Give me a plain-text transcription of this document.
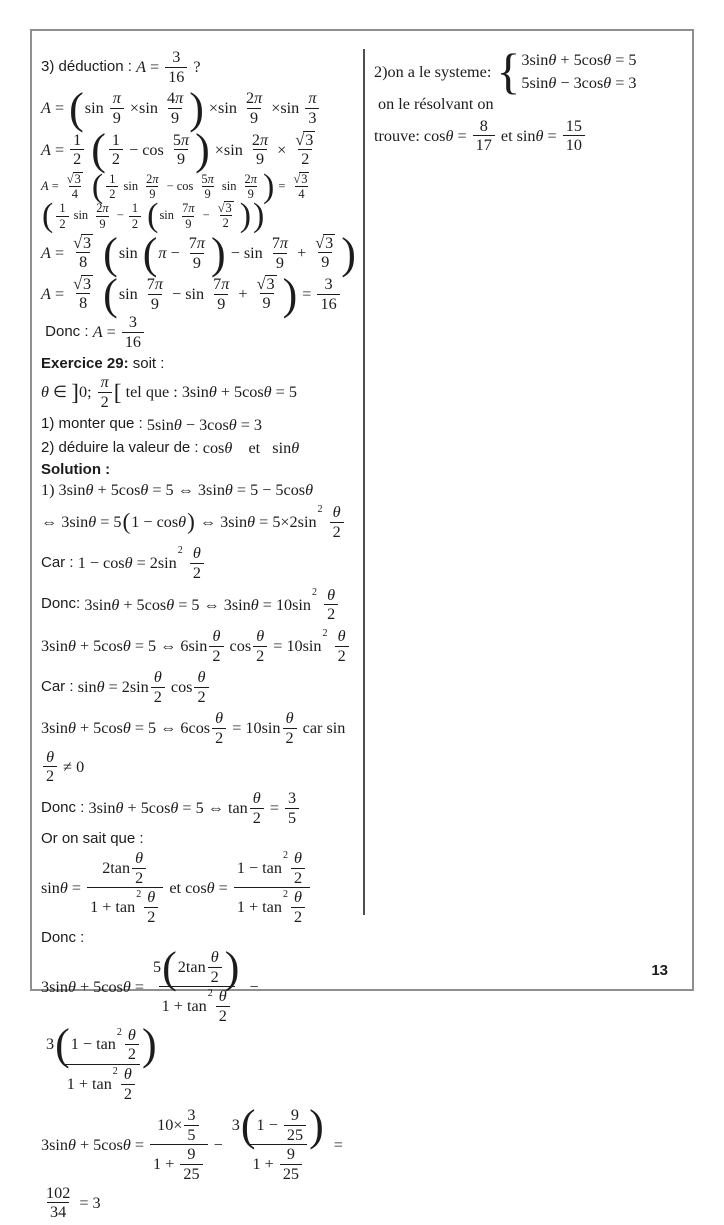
3) déduction : $A = \frac{3}{16}$ ?
A = ( $\sin \frac{\pi}{9} \times\sin$
4 π
9 ) $\times\sin \frac{2 \pi}{9} \times\sin$
π
3
$A = \frac{1}{2}$
( 1
2
− cos
5 π
9 ) $\times\sin \frac{2 \pi}{9} \times \frac{√ 3}{2}$
$A = \frac{√ 3}{4}$
( 1
2
sin
2 π
9
− cos
5 π
9
sin
2 π
9 ) = $\frac{√ 3}{4}$

( 1
2
sin
2 π
9
− $\frac{1}{2}$
( sin
7 π
9
− $\frac{√ 3}{2}$ ) )
$A = \frac{√ 3}{8}$
( sin ( $\pi - \frac{7 \pi}{9}$ ) − sin
7 π
9
+ $\frac{√ 3}{9}$ )
$A = \frac{√ 3}{8}$
( sin
7 π
9
− sin
7 π
9
+ $\frac{√ 3}{9}$ ) = $\frac{3}{16}$
Donc : $A = \frac{3}{16}$
Exercice 29: soit :
θ ∈ ] 0;
π
2 [ tel que : 3sin θ + 5cos θ = 5
1) monter que : 5sin θ − 3cos θ = 3
2) déduire la valeur de : cos θ et   sin θ
Solution :
1) 3sin θ + 5cos θ = 5 ⇔ 3sin θ = 5 − 5cos θ
⇔ 3sin θ = 5 ( 1 − cos θ ) ⇔ 3sin θ = 5×2sin
2
θ
2
Car : 1 − cos θ = 2sin
2
θ
2
Donc: 3sin θ + 5cos θ = 5 ⇔ 3sin θ = 10sin
2
θ
2
3sin θ + 5cos θ = 5 ⇔ 6sin
θ
2
$\cos \frac{\theta}{2} = 10\sin$
2
θ
2
Car : sin θ = 2sin
θ
2
cos
θ
2
3sin θ + 5cos θ = 5 ⇔ $6\cos \frac{\theta}{2} = 10\sin$
θ
2
car sin
θ
2
≠ 0
Donc : 3sin θ + 5cos θ = 5 ⇔ $\tan \frac{\theta}{2} = \frac{3}{5}$
Or on sait que :
sin θ = 2tan
θ
2
1 + tan
2 θ
2 et cos θ = 1 − tan
2 θ
2
1 + tan
2 θ
2
Donc :
3sin θ + 5cos θ = 5 ( 2tan
θ
2 )
1 + tan
2 θ
2 −
3 ( 1 − tan
2 θ
2 )
1 + tan
2 θ
2
3sin θ + 5cos $\theta = \frac{10\times \frac{3}{5}}{1 + \frac{9}{25}} - \frac{3 ( 1 - \frac{9}{25} )}{1 + \frac{9}{25}}$ =
$\frac{102}{34} = 3$
2)on a le systeme: { 3sin θ + 5cos θ = 5
5sin θ − 3cos θ = 3
on le résolvant on
trouve: $\cos \theta = \frac{8}{17}$ et $\sin \theta = \frac{15}{10}$
13
